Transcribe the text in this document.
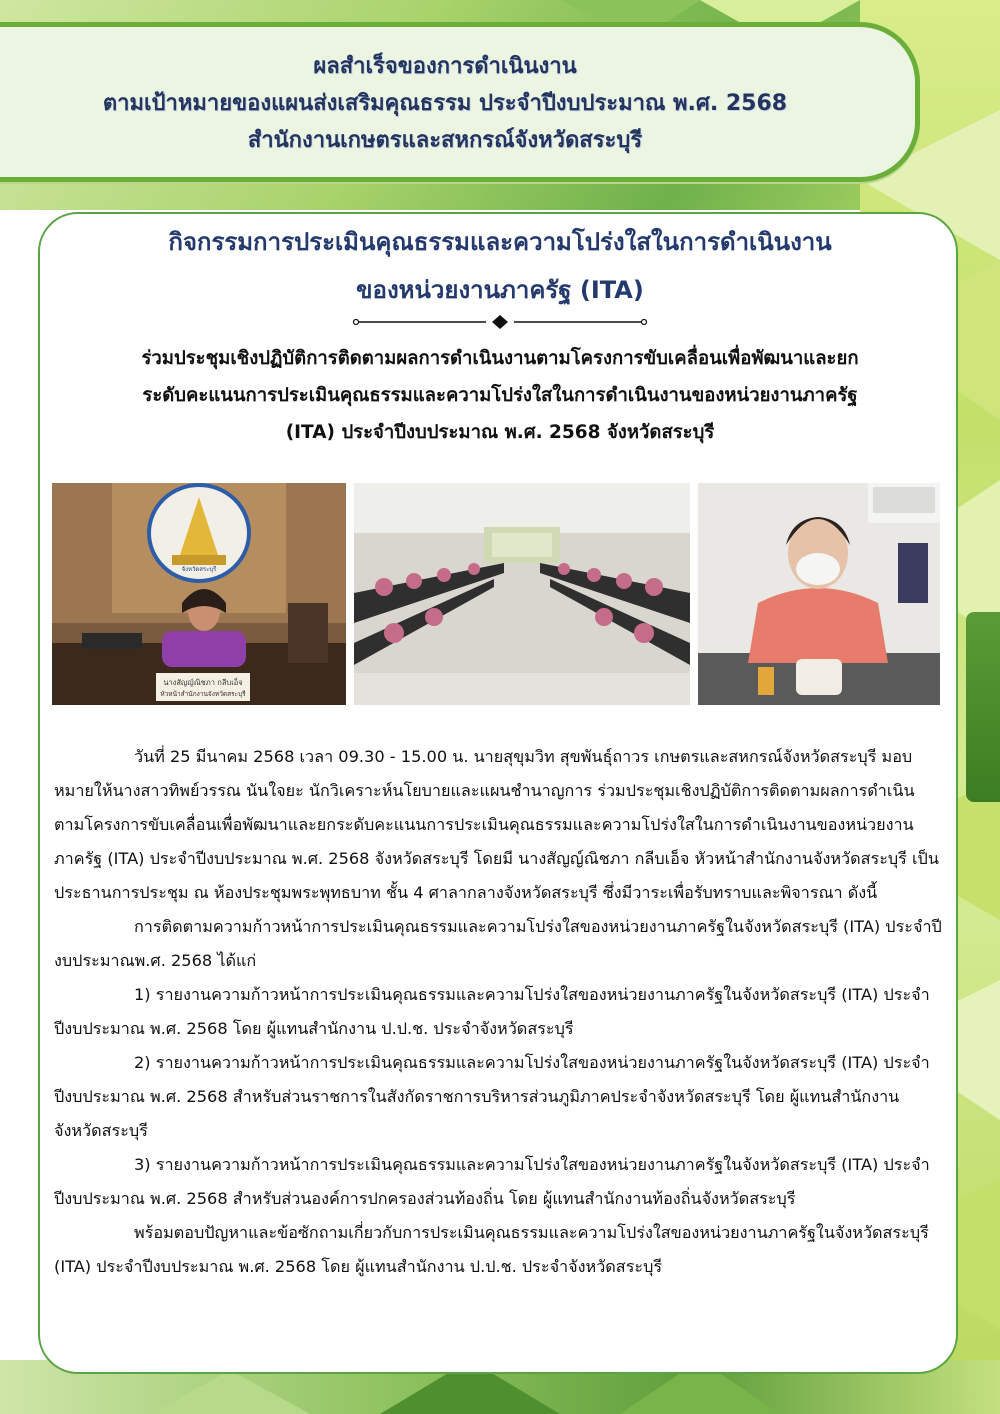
ผลสำเร็จของการดำเนินงาน
ตามเป้าหมายของแผนส่งเสริมคุณธรรม ประจำปีงบประมาณ พ.ศ. 2568
สำนักงานเกษตรและสหกรณ์จังหวัดสระบุรี
กิจกรรมการประเมินคุณธรรมและความโปร่งใสในการดำเนินงาน
ของหน่วยงานภาครัฐ (ITA)
ร่วมประชุมเชิงปฏิบัติการติดตามผลการดำเนินงานตามโครงการขับเคลื่อนเพื่อพัฒนาและยก
ระดับคะแนนการประเมินคุณธรรมและความโปร่งใสในการดำเนินงานของหน่วยงานภาครัฐ
(ITA) ประจำปีงบประมาณ พ.ศ. 2568 จังหวัดสระบุรี
นางสัญญ์ณิชภา กลีบเอ็จ
หัวหน้าสำนักงานจังหวัดสระบุรี
จังหวัดสระบุรี

วันที่ 25 มีนาคม 2568 เวลา 09.30 - 15.00 น. นายสุขุมวิท สุขพันธุ์ถาวร เกษตรและสหกรณ์จังหวัดสระบุรี มอบหมายให้นางสาวทิพย์วรรณ นันใจยะ นักวิเคราะห์นโยบายและแผนชำนาญการ ร่วมประชุมเชิงปฏิบัติการติดตามผลการดำเนินตามโครงการขับเคลื่อนเพื่อพัฒนาและยกระดับคะแนนการประเมินคุณธรรมและความโปร่งใสในการดำเนินงานของหน่วยงานภาครัฐ (ITA) ประจำปีงบประมาณ พ.ศ. 2568 จังหวัดสระบุรี โดยมี นางสัญญ์ณิชภา กลีบเอ็จ หัวหน้าสำนักงานจังหวัดสระบุรี เป็นประธานการประชุม ณ ห้องประชุมพระพุทธบาท ชั้น 4 ศาลากลางจังหวัดสระบุรี ซึ่งมีวาระเพื่อรับทราบและพิจารณา ดังนี้

การติดตามความก้าวหน้าการประเมินคุณธรรมและความโปร่งใสของหน่วยงานภาครัฐในจังหวัดสระบุรี (ITA) ประจำปีงบประมาณพ.ศ. 2568 ได้แก่

1) รายงานความก้าวหน้าการประเมินคุณธรรมและความโปร่งใสของหน่วยงานภาครัฐในจังหวัดสระบุรี (ITA) ประจำปีงบประมาณ พ.ศ. 2568 โดย ผู้แทนสำนักงาน ป.ป.ช. ประจำจังหวัดสระบุรี

2) รายงานความก้าวหน้าการประเมินคุณธรรมและความโปร่งใสของหน่วยงานภาครัฐในจังหวัดสระบุรี (ITA) ประจำปีงบประมาณ พ.ศ. 2568 สำหรับส่วนราชการในสังกัดราชการบริหารส่วนภูมิภาคประจำจังหวัดสระบุรี โดย ผู้แทนสำนักงานจังหวัดสระบุรี

3) รายงานความก้าวหน้าการประเมินคุณธรรมและความโปร่งใสของหน่วยงานภาครัฐในจังหวัดสระบุรี (ITA) ประจำปีงบประมาณ พ.ศ. 2568 สำหรับส่วนองค์การปกครองส่วนท้องถิ่น โดย ผู้แทนสำนักงานท้องถิ่นจังหวัดสระบุรี

พร้อมตอบปัญหาและข้อซักถามเกี่ยวกับการประเมินคุณธรรมและความโปร่งใสของหน่วยงานภาครัฐในจังหวัดสระบุรี (ITA) ประจำปีงบประมาณ พ.ศ. 2568 โดย ผู้แทนสำนักงาน ป.ป.ช. ประจำจังหวัดสระบุรี
